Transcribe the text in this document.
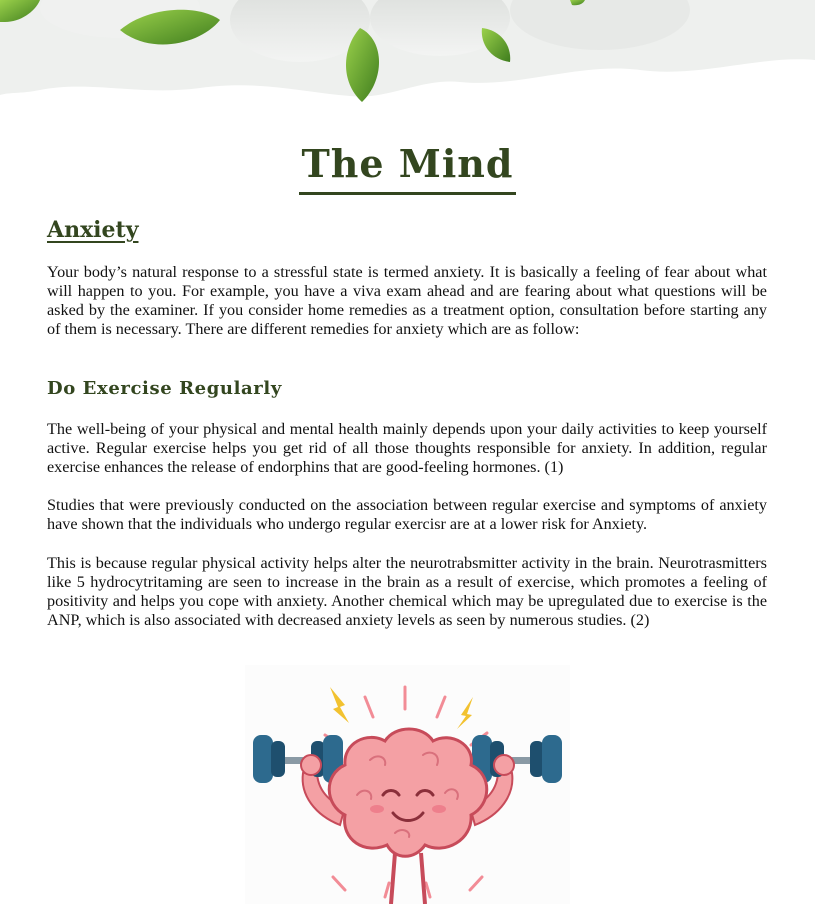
The Mind
Anxiety

Your body’s natural response to a stressful state is termed anxiety. It is basically a feeling of fear about what will happen to you. For example, you have a viva exam ahead and are fearing about what questions will be asked by the examiner. If you consider home remedies as a treatment option, consultation before starting any of them is necessary. There are different remedies for anxiety which are as follow:

Do Exercise Regularly

The well-being of your physical and mental health mainly depends upon your daily activities to keep yourself active. Regular exercise helps you get rid of all those thoughts responsible for anxiety. In addition, regular exercise enhances the release of endorphins that are good-feeling hormones. (1)

Studies that were previously conducted on the association between regular exercise and symptoms of anxiety have shown that the individuals who undergo regular exercisr are at a lower risk for Anxiety.

This is because regular physical activity helps alter the neurotrabsmitter activity in the brain. Neurotrasmitters like 5 hydrocytritaming are seen to increase in the brain as a result of exercise, which promotes a feeling of positivity and helps you cope with anxiety. Another chemical which may be upregulated due to exercise is the ANP, which is also associated with decreased anxiety levels as seen by numerous studies. (2)
